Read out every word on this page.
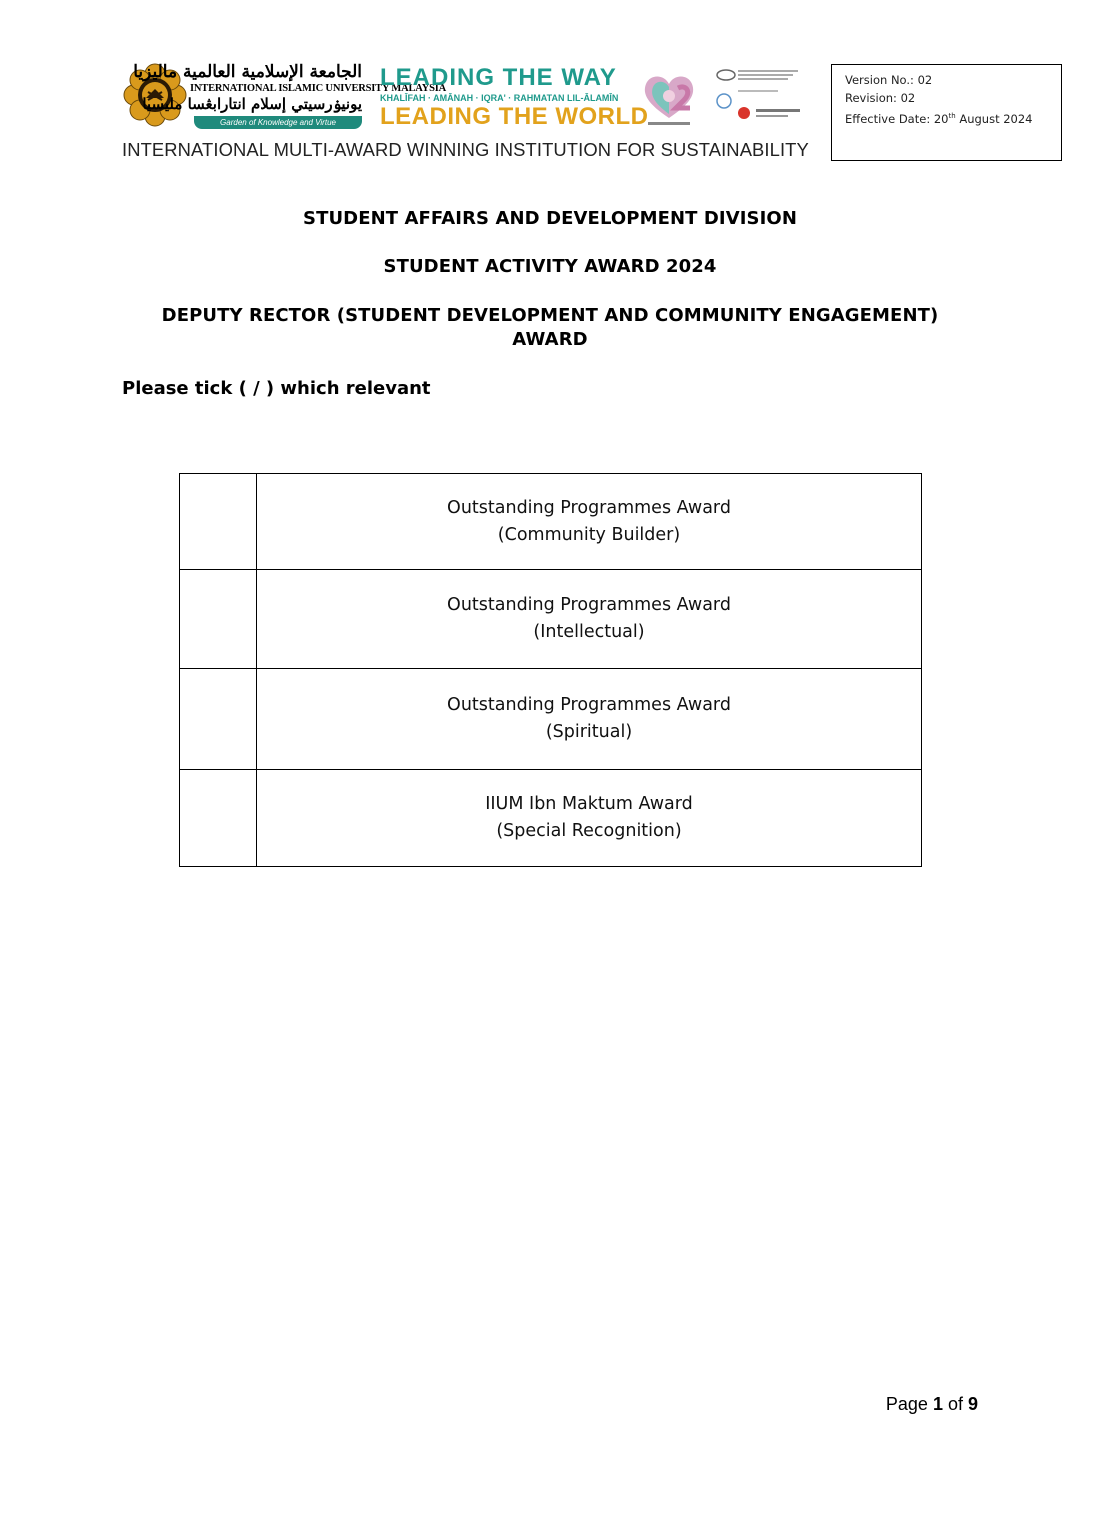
الجامعة الإسلامية العالمية ماليزيا
INTERNATIONAL ISLAMIC UNIVERSITY MALAYSIA
يونيۏرسيتي إسلام انتارابڠسا مليسيا
Garden of Knowledge and Virtue
LEADING THE WAY
KHALĪFAH · AMĀNAH · IQRA' · RAHMATAN LIL-ĀLAMĪN
LEADING THE WORLD
INTERNATIONAL MULTI-AWARD WINNING INSTITUTION FOR SUSTAINABILITY
Version No.: 02
Revision: 02
Effective Date: 20th August 2024
STUDENT AFFAIRS AND DEVELOPMENT DIVISION
STUDENT ACTIVITY AWARD 2024
DEPUTY RECTOR (STUDENT DEVELOPMENT AND COMMUNITY ENGAGEMENT)
AWARD
Please tick ( / ) which relevant

	Outstanding Programmes Award
(Community Builder)

	Outstanding Programmes Award
(Intellectual)

	Outstanding Programmes Award
(Spiritual)

	IIUM Ibn Maktum Award
(Special Recognition)
Page 1 of 9
